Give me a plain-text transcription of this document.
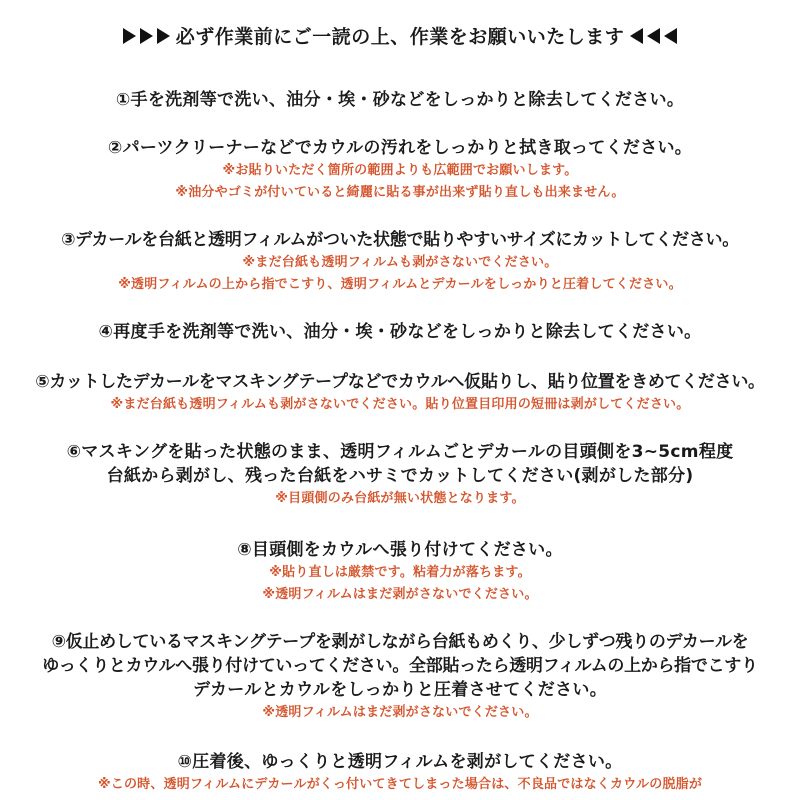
必ず作業前にご一読の上、作業をお願いいたします
①手を洗剤等で洗い、油分・埃・砂などをしっかりと除去してください。
②パーツクリーナーなどでカウルの汚れをしっかりと拭き取ってください。
※お貼りいただく箇所の範囲よりも広範囲でお願いします。
※油分やゴミが付いていると綺麗に貼る事が出来ず貼り直しも出来ません。
③デカールを台紙と透明フィルムがついた状態で貼りやすいサイズにカットしてください。
※まだ台紙も透明フィルムも剥がさないでください。
※透明フィルムの上から指でこすり、透明フィルムとデカールをしっかりと圧着してください。
④再度手を洗剤等で洗い、油分・埃・砂などをしっかりと除去してください。
⑤カットしたデカールをマスキングテープなどでカウルへ仮貼りし、貼り位置をきめてください。
※まだ台紙も透明フィルムも剥がさないでください。貼り位置目印用の短冊は剥がしてください。
⑥マスキングを貼った状態のまま、透明フィルムごとデカールの目頭側を3~5cm程度
台紙から剥がし、残った台紙をハサミでカットしてください(剥がした部分)
※目頭側のみ台紙が無い状態となります。
⑧目頭側をカウルへ張り付けてください。
※貼り直しは厳禁です。粘着力が落ちます。
※透明フィルムはまだ剥がさないでください。
⑨仮止めしているマスキングテープを剥がしながら台紙もめくり、少しずつ残りのデカールを
ゆっくりとカウルへ張り付けていってください。全部貼ったら透明フィルムの上から指でこすり
デカールとカウルをしっかりと圧着させてください。
※透明フィルムはまだ剥がさないでください。
⑩圧着後、ゆっくりと透明フィルムを剥がしてください。
※この時、透明フィルムにデカールがくっ付いてきてしまった場合は、不良品ではなくカウルの脱脂が
